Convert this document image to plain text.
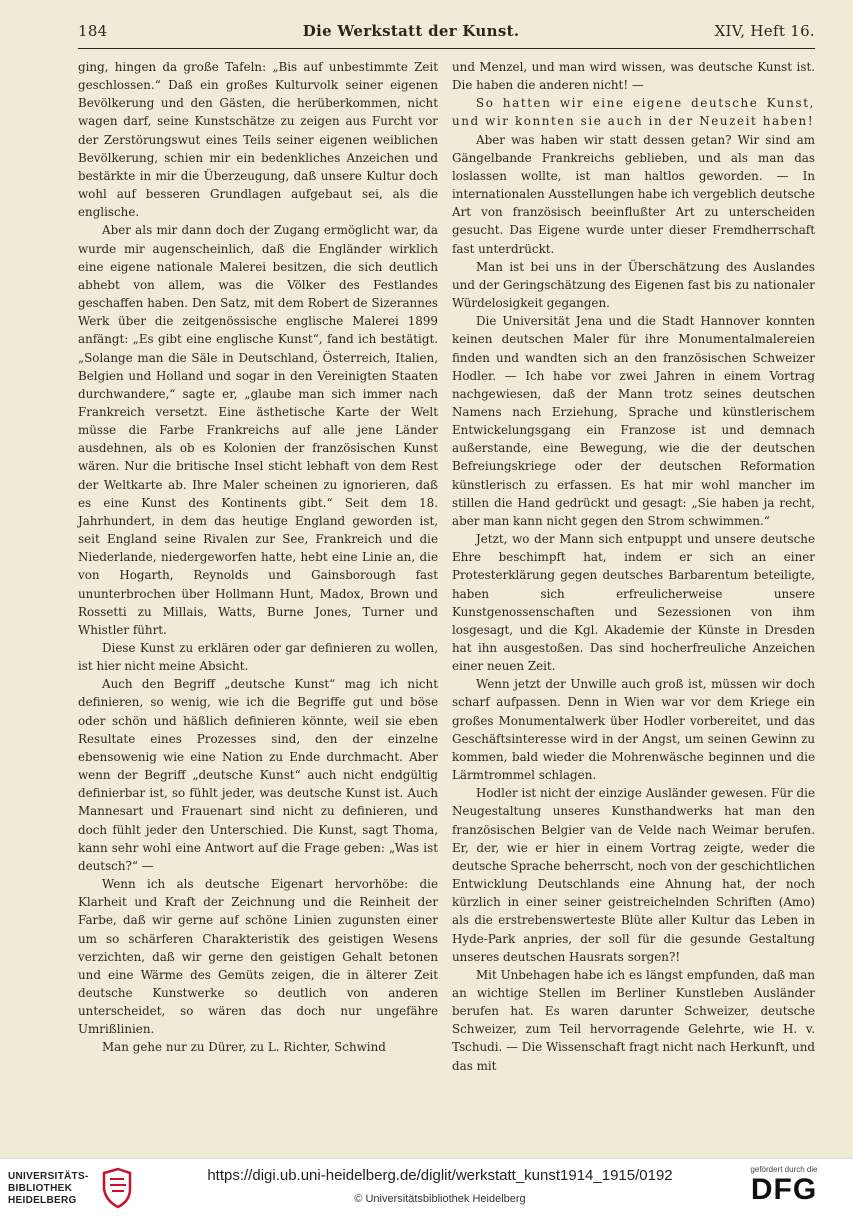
184	Die Werkstatt der Kunst.	XIV, Heft 16.

ging, hingen da große Tafeln: „Bis auf unbestimmte Zeit geschlossen.“ Daß ein großes Kulturvolk seiner eigenen Bevölkerung und den Gästen, die herüberkommen, nicht wagen darf, seine Kunstschätze zu zeigen aus Furcht vor der Zerstörungswut eines Teils seiner eigenen weiblichen Bevölkerung, schien mir ein bedenkliches Anzeichen und bestärkte in mir die Überzeugung, daß unsere Kultur doch wohl auf besseren Grundlagen aufgebaut sei, als die englische.

Aber als mir dann doch der Zugang ermöglicht war, da wurde mir augenscheinlich, daß die Engländer wirklich eine eigene nationale Malerei besitzen, die sich deutlich abhebt von allem, was die Völker des Festlandes geschaffen haben. Den Satz, mit dem Robert de Sizerannes Werk über die zeitgenössische englische Malerei 1899 anfängt: „Es gibt eine englische Kunst“, fand ich bestätigt. „Solange man die Säle in Deutschland, Österreich, Italien, Belgien und Holland und sogar in den Vereinigten Staaten durchwandere,“ sagte er, „glaube man sich immer nach Frankreich versetzt. Eine ästhetische Karte der Welt müsse die Farbe Frankreichs auf alle jene Länder ausdehnen, als ob es Kolonien der französischen Kunst wären. Nur die britische Insel sticht lebhaft von dem Rest der Weltkarte ab. Ihre Maler scheinen zu ignorieren, daß es eine Kunst des Kontinents gibt.“ Seit dem 18. Jahrhundert, in dem das heutige England geworden ist, seit England seine Rivalen zur See, Frankreich und die Niederlande, niedergeworfen hatte, hebt eine Linie an, die von Hogarth, Reynolds und Gainsborough fast ununterbrochen über Hollmann Hunt, Madox, Brown und Rossetti zu Millais, Watts, Burne Jones, Turner und Whistler führt.

Diese Kunst zu erklären oder gar definieren zu wollen, ist hier nicht meine Absicht.

Auch den Begriff „deutsche Kunst“ mag ich nicht definieren, so wenig, wie ich die Begriffe gut und böse oder schön und häßlich definieren könnte, weil sie eben Resultate eines Prozesses sind, den der einzelne ebensowenig wie eine Nation zu Ende durchmacht. Aber wenn der Begriff „deutsche Kunst“ auch nicht endgültig definierbar ist, so fühlt jeder, was deutsche Kunst ist. Auch Mannesart und Frauenart sind nicht zu definieren, und doch fühlt jeder den Unterschied. Die Kunst, sagt Thoma, kann sehr wohl eine Antwort auf die Frage geben: „Was ist deutsch?“ —

Wenn ich als deutsche Eigenart hervorhöbe: die Klarheit und Kraft der Zeichnung und die Reinheit der Farbe, daß wir gerne auf schöne Linien zugunsten einer um so schärferen Charakteristik des geistigen Wesens verzichten, daß wir gerne den geistigen Gehalt betonen und eine Wärme des Gemüts zeigen, die in älterer Zeit deutsche Kunstwerke so deutlich von anderen unterscheidet, so wären das doch nur ungefähre Umrißlinien.

Man gehe nur zu Dürer, zu L. Richter, Schwind

und Menzel, und man wird wissen, was deutsche Kunst ist. Die haben die anderen nicht! —

So hatten wir eine eigene deutsche Kunst, und wir konnten sie auch in der Neuzeit haben!

Aber was haben wir statt dessen getan? Wir sind am Gängelbande Frankreichs geblieben, und als man das loslassen wollte, ist man haltlos geworden. — In internationalen Ausstellungen habe ich vergeblich deutsche Art von französisch beeinflußter Art zu unterscheiden gesucht. Das Eigene wurde unter dieser Fremdherrschaft fast unterdrückt.

Man ist bei uns in der Überschätzung des Auslandes und der Geringschätzung des Eigenen fast bis zu nationaler Würdelosigkeit gegangen.

Die Universität Jena und die Stadt Hannover konnten keinen deutschen Maler für ihre Monumentalmalereien finden und wandten sich an den französischen Schweizer Hodler. — Ich habe vor zwei Jahren in einem Vortrag nachgewiesen, daß der Mann trotz seines deutschen Namens nach Erziehung, Sprache und künstlerischem Entwickelungsgang ein Franzose ist und demnach außerstande, eine Bewegung, wie die der deutschen Befreiungskriege oder der deutschen Reformation künstlerisch zu erfassen. Es hat mir wohl mancher im stillen die Hand gedrückt und gesagt: „Sie haben ja recht, aber man kann nicht gegen den Strom schwimmen.“

Jetzt, wo der Mann sich entpuppt und unsere deutsche Ehre beschimpft hat, indem er sich an einer Protesterklärung gegen deutsches Barbarentum beteiligte, haben sich erfreulicherweise unsere Kunstgenossenschaften und Sezessionen von ihm losgesagt, und die Kgl. Akademie der Künste in Dresden hat ihn ausgestoßen. Das sind hocherfreuliche Anzeichen einer neuen Zeit.

Wenn jetzt der Unwille auch groß ist, müssen wir doch scharf aufpassen. Denn in Wien war vor dem Kriege ein großes Monumentalwerk über Hodler vorbereitet, und das Geschäftsinteresse wird in der Angst, um seinen Gewinn zu kommen, bald wieder die Mohrenwäsche beginnen und die Lärmtrommel schlagen.

Hodler ist nicht der einzige Ausländer gewesen. Für die Neugestaltung unseres Kunsthandwerks hat man den französischen Belgier van de Velde nach Weimar berufen. Er, der, wie er hier in einem Vortrag zeigte, weder die deutsche Sprache beherrscht, noch von der geschichtlichen Entwicklung Deutschlands eine Ahnung hat, der noch kürzlich in einer seiner geistreichelnden Schriften (Amo) als die erstrebenswerteste Blüte aller Kultur das Leben in Hyde-Park anpries, der soll für die gesunde Gestaltung unseres deutschen Hausrats sorgen?!

Mit Unbehagen habe ich es längst empfunden, daß man an wichtige Stellen im Berliner Kunstleben Ausländer berufen hat. Es waren darunter Schweizer, deutsche Schweizer, zum Teil hervorragende Gelehrte, wie H. v. Tschudi. — Die Wissenschaft fragt nicht nach Herkunft, und das mit

UNIVERSITÄTS-
BIBLIOTHEK
HEIDELBERG
https://digi.ub.uni-heidelberg.de/diglit/werkstatt_kunst1914_1915/0192
© Universitätsbibliothek Heidelberg
gefördert durch die
DFG
